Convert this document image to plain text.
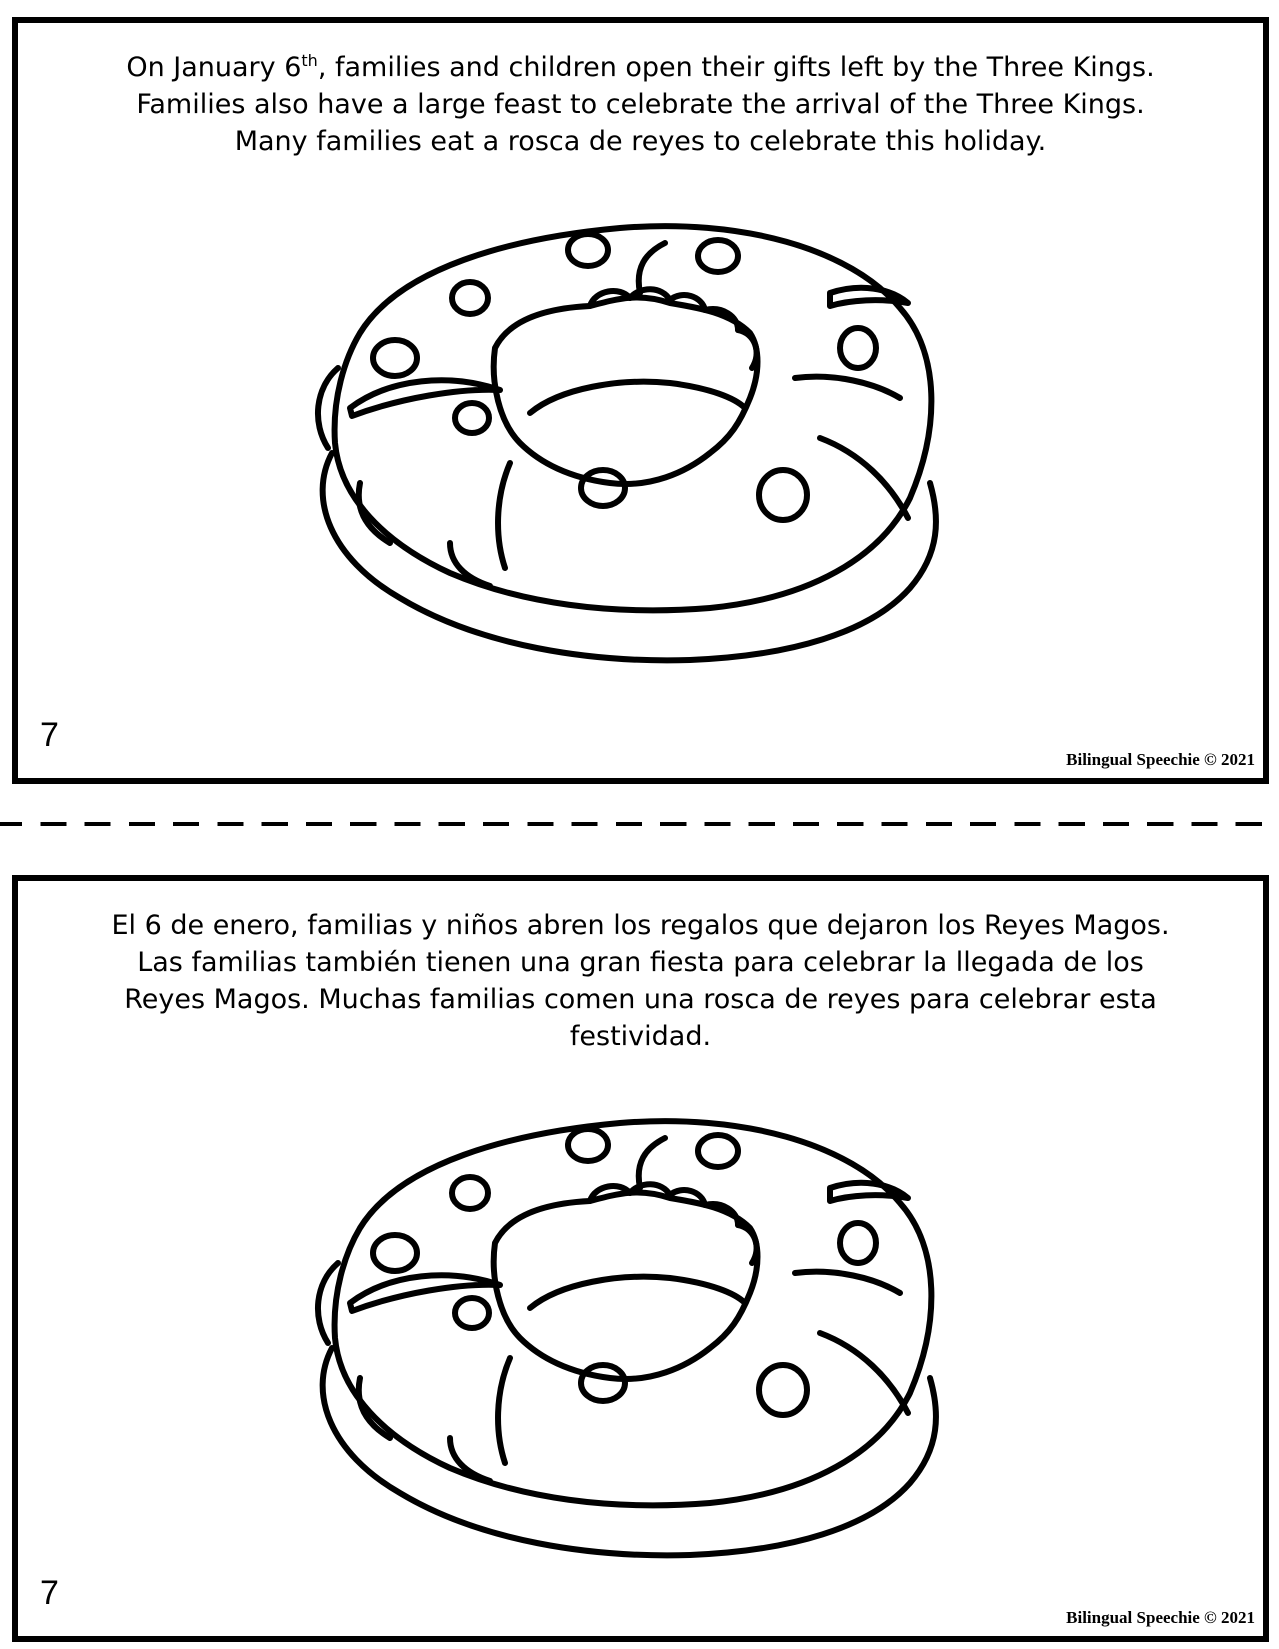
On January 6th, families and children open their gifts left by the Three Kings.
Families also have a large feast to celebrate the arrival of the Three Kings.
Many families eat a rosca de reyes to celebrate this holiday.

7
Bilingual Speechie © 2021

El 6 de enero, familias y niños abren los regalos que dejaron los Reyes Magos.
Las familias también tienen una gran fiesta para celebrar la llegada de los
Reyes Magos. Muchas familias comen una rosca de reyes para celebrar esta
festividad.

7
Bilingual Speechie © 2021
